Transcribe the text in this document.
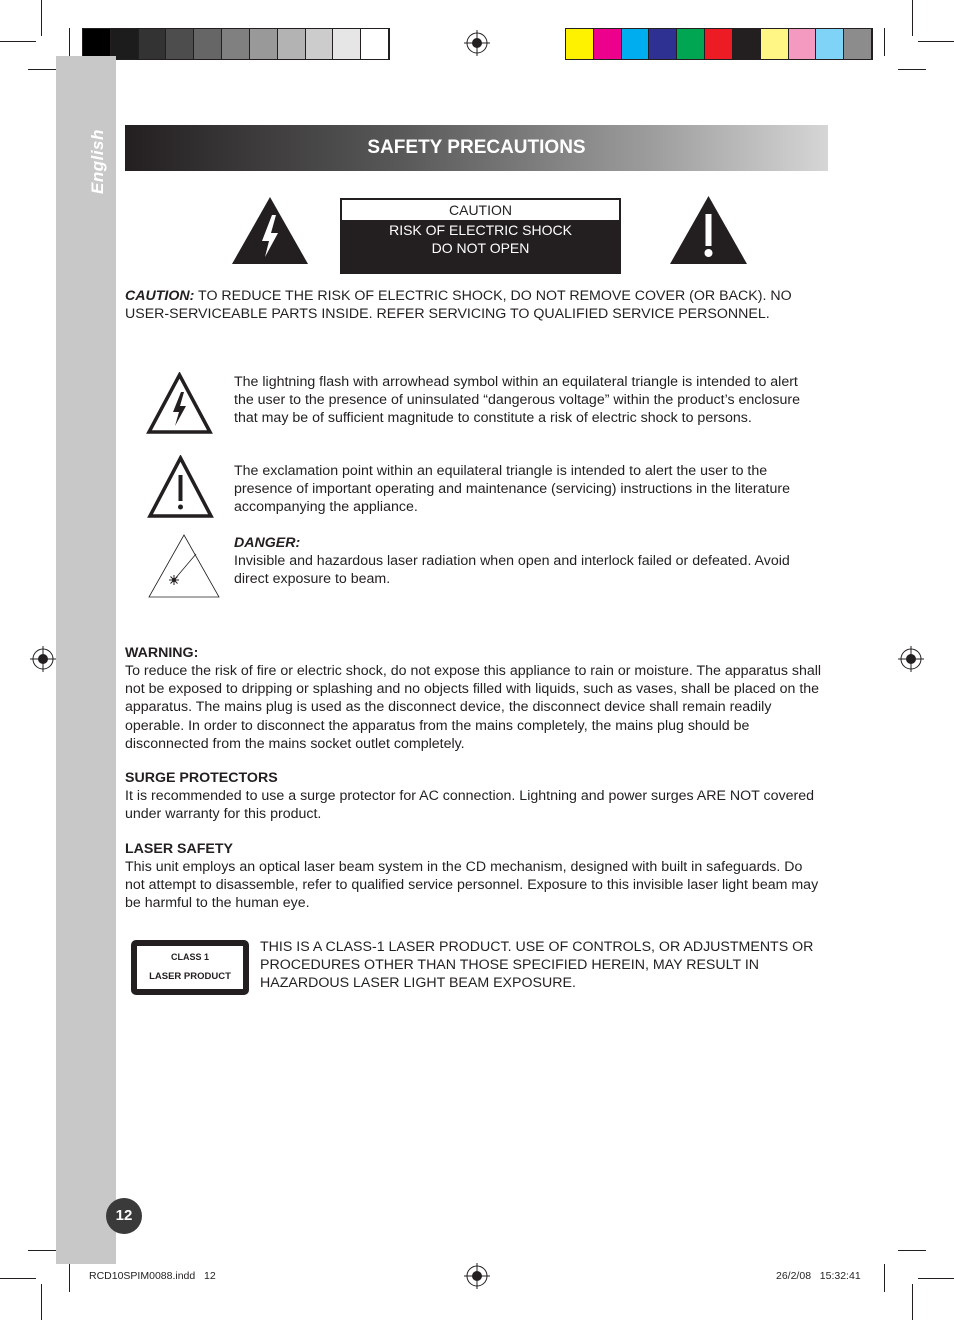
English	SAFETY PRECAUTIONS
CAUTION
RISK OF ELECTRIC SHOCK
DO NOT OPEN
CAUTION: TO REDUCE THE RISK OF ELECTRIC SHOCK, DO NOT REMOVE COVER (OR BACK). NO USER-SERVICEABLE PARTS INSIDE. REFER SERVICING TO QUALIFIED SERVICE PERSONNEL.
The lightning flash with arrowhead symbol within an equilateral triangle is intended to alert the user to the presence of uninsulated “dangerous voltage” within the product’s enclosure that may be of sufficient magnitude to constitute a risk of electric shock to persons.
The exclamation point within an equilateral triangle is intended to alert the user to the presence of important operating and maintenance (servicing) instructions in the literature accompanying the appliance.
DANGER:
Invisible and hazardous laser radiation when open and interlock failed or defeated. Avoid direct exposure to beam.
WARNING:
To reduce the risk of fire or electric shock, do not expose this appliance to rain or moisture. The apparatus shall not be exposed to dripping or splashing and no objects filled with liquids, such as vases, shall be placed on the apparatus. The mains plug is used as the disconnect device, the disconnect device shall remain readily operable. In order to disconnect the apparatus from the mains completely, the mains plug should be disconnected from the mains socket outlet completely.
SURGE PROTECTORS
It is recommended to use a surge protector for AC connection. Lightning and power surges ARE NOT covered under warranty for this product.
LASER SAFETY
This unit employs an optical laser beam system in the CD mechanism, designed with built in safeguards. Do not attempt to disassemble, refer to qualified service personnel. Exposure to this invisible laser light beam may be harmful to the human eye.
CLASS 1
LASER PRODUCT
THIS IS A CLASS-1 LASER PRODUCT. USE OF CONTROLS, OR ADJUSTMENTS OR PROCEDURES OTHER THAN THOSE SPECIFIED HEREIN, MAY RESULT IN HAZARDOUS LASER LIGHT BEAM EXPOSURE.
12
RCD10SPIM0088.indd   12	26/2/08   15:32:41
